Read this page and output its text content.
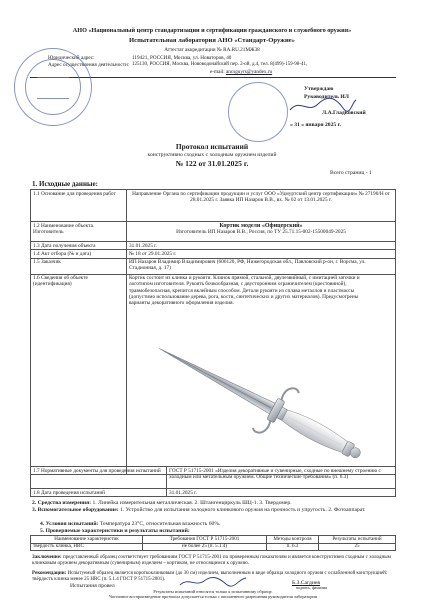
АНО «Национальный центр стандартизации и сертификации гражданского и служебного оружия»
Испытательная лаборатория АНО «Стандарт-Оружие»
Аттестат аккредитации № RA.RU.21МЖ38
Юридический адрес:	119421, РОССИЯ, Москва, ул. Новаторов, 40
Адрес осуществления деятельности: 125130, РОССИЯ, Москва, Нововодонайский пер. 2-ой, д.4, тел. 8(499)-159-98-41,
e-mail: ancsguyrs@yandex.ru
Утверждаю
Руководитель ИЛ
Л.А.Гладковский
« 31 » января 2025 г.
Протокол испытаний
конструктивно сходных с холодным оружием изделий
№ 122 от 31.01.2025 г.
Всего страниц - 1
1. Исходные данные:
1.1 Основание для проведения работ	Направление Органа по сертификации продукции и услуг ООО «Удмуртский центр сертификации» № 27190/Н от 28.01.2025 г. Заявка ИП Назаров В.В., вх. № 02 от 13.01.2025 г.
1.2 Наименование объекта. Изготовитель	Кортик модели «Офицерский»
Изготовитель ИП Назаров В.В., Россия, по ТУ 25.71.15-002-15500049-2025

1.3 Дата получения объекта	31.01.2025 г.
1.4 Акт отбора (№ и дата)	№ 18 от 29.01.2025 г.
1.5 Заказчик	ИП Назаров Владимир Владимирович (606120, РФ, Нижегородская обл., Павловский р-он, г. Ворсма, ул. Стадионная, д. 17)
1.6 Сведения об объекте (идентификация)	Кортик состоит из клинка и рукояти. Клинок прямой, стальной, двулезвийный, с имитацией заточки и логотипом изготовителя. Рукоять бочкообразная, с двусторонним ограничителем (крестовиной), травмобезопасная, крепится вклейным способом. Детали рукояти из сплава металлов и пластмассы (допустимо использование дерева, рога, кости, синтетических и других материалов). Предусмотрены варианты декоративного оформления изделия.
1.7 Нормативные документы для проведения испытаний	ГОСТ Р 51715-2001 «Изделия декоративные и сувенирные, сходные по внешнему строению с холодным или метательным оружием. Общие технические требования» (п. 6.3)
1.8 Дата проведения испытаний	31.01.2025 г.
2. Средства измерения: 1. Линейка измерительная металлическая. 2. Штангенциркуль ШЦ-1. 3. Твердомер.
3. Вспомогательное оборудование: 1. Устройство для испытания холодного клинкового оружия на прочность и упругость. 2. Фотоаппарат.
4. Условия испытаний: Температура 23°С, относительная влажность 60%.
5. Проверяемые характеристики и результаты испытаний:
Наименование характеристик	Требования ГОСТ Р 51715-2001	Методы контроля	Результаты испытаний
твердость клинка, HRC	не более 25 (п. 5.1.4)	п. 6.3	25
Заключение: представленный образец соответствует требованиям ГОСТ Р 51715-2001 по проверенным показателям и является конструктивно сходным с холодным клинковым оружием декоративным (сувенирным) изделием – кортиком, не относящимся к оружию.
Рекомендации: Испытуемый образец является короткоклинковым (до 30 см) изделием, выполненным в виде образца холодного оружия с ослабленной конструкцией: твёрдость клинка менее 25 HRC (п. 5.1.4 ГОСТ Р 51715-2001).
Испытания провел	Б.З.Сагдиев
подпись, фамилия
Результаты испытаний относятся только к испытанному образцу.
Частичное воспроизведение протокола допускается только с письменного разрешения руководителя лаборатории
